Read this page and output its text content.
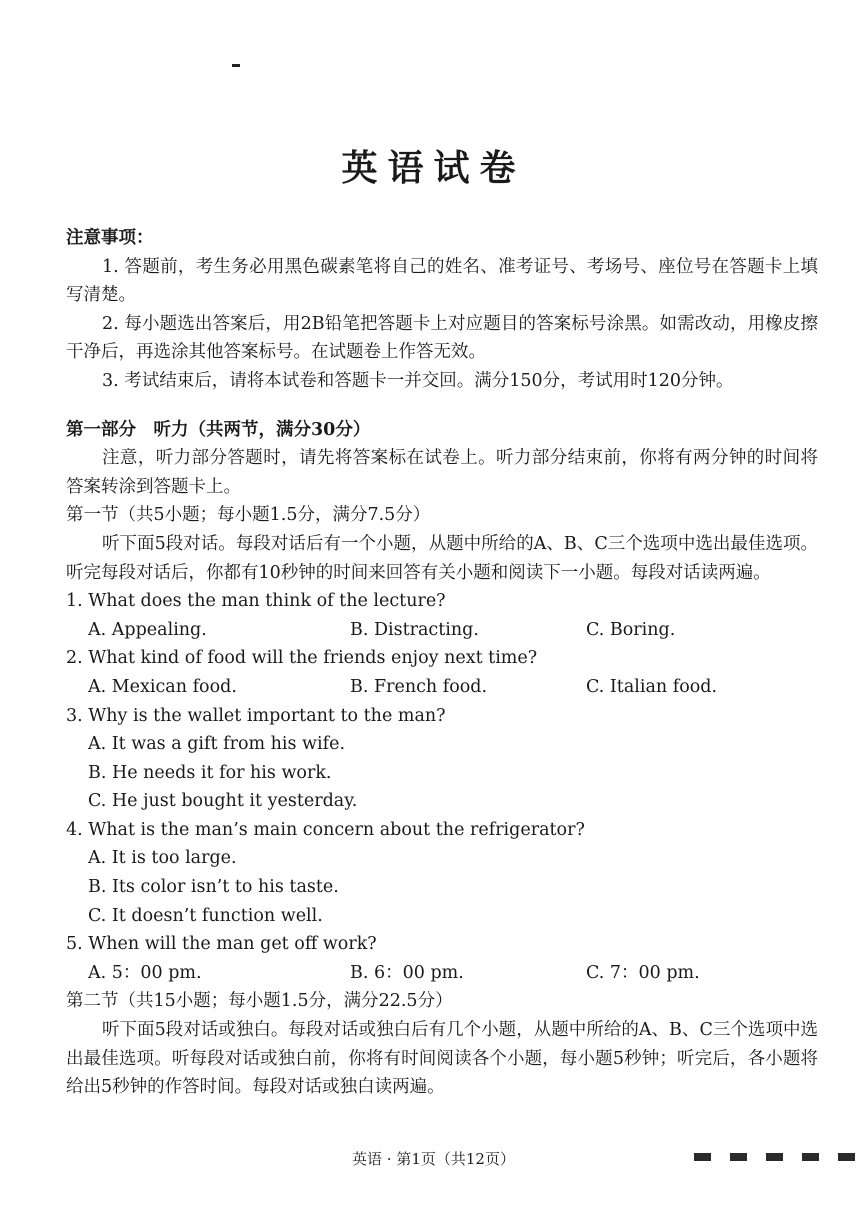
英语试卷
注意事项：

1. 答题前，考生务必用黑色碳素笔将自己的姓名、准考证号、考场号、座位号在答题卡上填写清楚。

2. 每小题选出答案后，用2B铅笔把答题卡上对应题目的答案标号涂黑。如需改动，用橡皮擦干净后，再选涂其他答案标号。在试题卷上作答无效。

3. 考试结束后，请将本试卷和答题卡一并交回。满分150分，考试用时120分钟。

第一部分　听力（共两节，满分30分）

注意，听力部分答题时，请先将答案标在试卷上。听力部分结束前，你将有两分钟的时间将答案转涂到答题卡上。

第一节（共5小题；每小题1.5分，满分7.5分）

听下面5段对话。每段对话后有一个小题，从题中所给的A、B、C三个选项中选出最佳选项。听完每段对话后，你都有10秒钟的时间来回答有关小题和阅读下一小题。每段对话读两遍。

1. What does the man think of the lecture?
A. Appealing.	B. Distracting.	C. Boring.
2. What kind of food will the friends enjoy next time?
A. Mexican food.	B. French food.	C. Italian food.
3. Why is the wallet important to the man?
A. It was a gift from his wife.
B. He needs it for his work.
C. He just bought it yesterday.
4. What is the man’s main concern about the refrigerator?
A. It is too large.
B. Its color isn’t to his taste.
C. It doesn’t function well.
5. When will the man get off work?
A. 5：00 pm.	B. 6：00 pm.	C. 7：00 pm.
第二节（共15小题；每小题1.5分，满分22.5分）

听下面5段对话或独白。每段对话或独白后有几个小题，从题中所给的A、B、C三个选项中选出最佳选项。听每段对话或独白前，你将有时间阅读各个小题，每小题5秒钟；听完后，各小题将给出5秒钟的作答时间。每段对话或独白读两遍。

英语 · 第1页（共12页）
